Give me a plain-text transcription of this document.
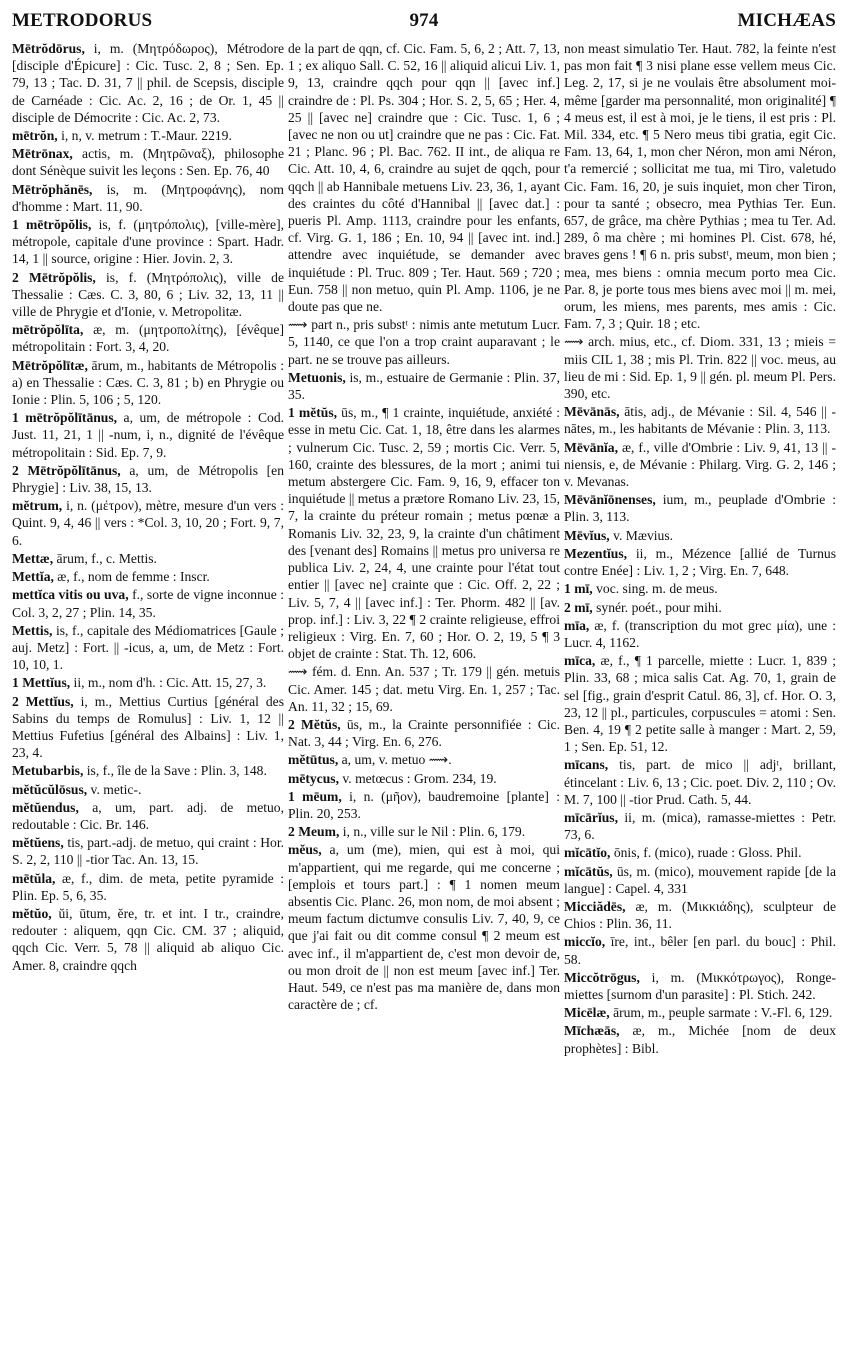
METRODORUS	974	MICHÆAS

Mētrŏdōrus, i, m. (Μητρόδωρος), Métrodore [disciple d'Épicure] : Cic. Tusc. 2, 8 ; Sen. Ep. 79, 13 ; Tac. D. 31, 7 || phil. de Scepsis, disciple de Carnéade : Cic. Ac. 2, 16 ; de Or. 1, 45 || disciple de Démocrite : Cic. Ac. 2, 73.

mētrŏn, i, n, v. metrum : T.-Maur. 2219.

Mētrōnax, actis, m. (Μητρῶναξ), philosophe dont Sénèque suivit les leçons : Sen. Ep. 76, 40

Mētrŏphănēs, is, m. (Μητροφάνης), nom d'homme : Mart. 11, 90.

1 mētrŏpŏlis, is, f. (μητρόπολις), [ville-mère], métropole, capitale d'une province : Spart. Hadr. 14, 1 || source, origine : Hier. Jovin. 2, 3.

2 Mētrŏpŏlis, is, f. (Μητρόπολις), ville de Thessalie : Cæs. C. 3, 80, 6 ; Liv. 32, 13, 11 || ville de Phrygie et d'Ionie, v. Metropolitæ.

mētrŏpŏlīta, æ, m. (μητροπολίτης), [évêque] métropolitain : Fort. 3, 4, 20.

Mētrŏpŏlītæ, ārum, m., habitants de Métropolis : a) en Thessalie : Cæs. C. 3, 81 ; b) en Phrygie ou Ionie : Plin. 5, 106 ; 5, 120.

1 mētrŏpŏlītānus, a, um, de métropole : Cod. Just. 11, 21, 1 || -num, i, n., dignité de l'évêque métropolitain : Sid. Ep. 7, 9.

2 Mētrŏpŏlītānus, a, um, de Métropolis [en Phrygie] : Liv. 38, 15, 13.

mĕtrum, i, n. (μέτρον), mètre, mesure d'un vers : Quint. 9, 4, 46 || vers : *Col. 3, 10, 20 ; Fort. 9, 7, 6.

Mettæ, ārum, f., c. Mettis.

Mettĭa, æ, f., nom de femme : Inscr.

mettĭca vitis ou uva, f., sorte de vigne inconnue : Col. 3, 2, 27 ; Plin. 14, 35.

Mettis, is, f., capitale des Médiomatrices [Gaule ; auj. Metz] : Fort. || -icus, a, um, de Metz : Fort. 10, 10, 1.

1 Mettĭus, ii, m., nom d'h. : Cic. Att. 15, 27, 3.

2 Mettĭus, i, m., Mettius Curtius [général des Sabins du temps de Romulus] : Liv. 1, 12 || Mettius Fufetius [général des Albains] : Liv. 1, 23, 4.

Metubarbis, is, f., île de la Save : Plin. 3, 148.

mĕtŭcŭlōsus, v. metic-.

mĕtŭendus, a, um, part. adj. de metuo, redoutable : Cic. Br. 146.

mĕtŭens, tis, part.-adj. de metuo, qui craint : Hor. S. 2, 2, 110 || -tior Tac. An. 13, 15.

mētŭla, æ, f., dim. de meta, petite pyramide : Plin. Ep. 5, 6, 35.

mĕtŭo, ŭi, ūtum, ĕre, tr. et int. I tr., craindre, redouter : aliquem, qqn Cic. CM. 37 ; aliquid, qqch Cic. Verr. 5, 78 || aliquid ab aliquo Cic. Amer. 8, craindre qqch

de la part de qqn, cf. Cic. Fam. 5, 6, 2 ; Att. 7, 13, 1 ; ex aliquo Sall. C. 52, 16 || aliquid alicui Liv. 1, 9, 13, craindre qqch pour qqn || [avec inf.] craindre de : Pl. Ps. 304 ; Hor. S. 2, 5, 65 ; Her. 4, 25 || [avec ne] craindre que : Cic. Tusc. 1, 6 ; [avec ne non ou ut] craindre que ne pas : Cic. Fat. 21 ; Planc. 96 ; Pl. Bac. 762. II int., de aliqua re Cic. Att. 10, 4, 6, craindre au sujet de qqch, pour qqch || ab Hannibale metuens Liv. 23, 36, 1, ayant des craintes du côté d'Hannibal || [avec dat.] : pueris Pl. Amp. 1113, craindre pour les enfants, cf. Virg. G. 1, 186 ; En. 10, 94 || [avec int. ind.] attendre avec inquiétude, se demander avec inquiétude : Pl. Truc. 809 ; Ter. Haut. 569 ; 720 ; Eun. 758 || non metuo, quin Pl. Amp. 1106, je ne doute pas que ne.

⟿ part n., pris substᵗ : nimis ante metutum Lucr. 5, 1140, ce que l'on a trop craint auparavant ; le part. ne se trouve pas ailleurs.

Metuonis, is, m., estuaire de Germanie : Plin. 37, 35.

1 mĕtŭs, ūs, m., ¶ 1 crainte, inquiétude, anxiété : esse in metu Cic. Cat. 1, 18, être dans les alarmes ; vulnerum Cic. Tusc. 2, 59 ; mortis Cic. Verr. 5, 160, crainte des blessures, de la mort ; animi tui metum abstergere Cic. Fam. 9, 16, 9, effacer ton inquiétude || metus a prætore Romano Liv. 23, 15, 7, la crainte du préteur romain ; metus pœnæ a Romanis Liv. 32, 23, 9, la crainte d'un châtiment des [venant des] Romains || metus pro universa re publica Liv. 2, 24, 4, une crainte pour l'état tout entier || [avec ne] crainte que : Cic. Off. 2, 22 ; Liv. 5, 7, 4 || [avec inf.] : Ter. Phorm. 482 || [av. prop. inf.] : Liv. 3, 22 ¶ 2 crainte religieuse, effroi religieux : Virg. En. 7, 60 ; Hor. O. 2, 19, 5 ¶ 3 objet de crainte : Stat. Th. 12, 606.

⟿ fém. d. Enn. An. 537 ; Tr. 179 || gén. metuis Cic. Amer. 145 ; dat. metu Virg. En. 1, 257 ; Tac. An. 11, 32 ; 15, 69.

2 Mĕtŭs, ūs, m., la Crainte personnifiée : Cic. Nat. 3, 44 ; Virg. En. 6, 276.

mĕtūtus, a, um, v. metuo ⟿.

mētycus, v. metœcus : Grom. 234, 19.

1 mēum, i, n. (μῆον), baudremoine [plante] : Plin. 20, 253.

2 Meum, i, n., ville sur le Nil : Plin. 6, 179.

mĕus, a, um (me), mien, qui est à moi, qui m'appartient, qui me regarde, qui me concerne ; [emplois et tours part.] : ¶ 1 nomen meum absentis Cic. Planc. 26, mon nom, de moi absent ; meum factum dictumve consulis Liv. 7, 40, 9, ce que j'ai fait ou dit comme consul ¶ 2 meum est avec inf., il m'appartient de, c'est mon devoir de, ou mon droit de || non est meum [avec inf.] Ter. Haut. 549, ce n'est pas ma manière de, dans mon caractère de ; cf.

non meast simulatio Ter. Haut. 782, la feinte n'est pas mon fait ¶ 3 nisi plane esse vellem meus Cic. Leg. 2, 17, si je ne voulais être absolument moi-même [garder ma personnalité, mon originalité] ¶ 4 meus est, il est à moi, je le tiens, il est pris : Pl. Mil. 334, etc. ¶ 5 Nero meus tibi gratia, egit Cic. Fam. 13, 64, 1, mon cher Néron, mon ami Néron, t'a remercié ; sollicitat me tua, mi Tiro, valetudo Cic. Fam. 16, 20, je suis inquiet, mon cher Tiron, pour ta santé ; obsecro, mea Pythias Ter. Eun. 657, de grâce, ma chère Pythias ; mea tu Ter. Ad. 289, ô ma chère ; mi homines Pl. Cist. 678, hé, braves gens ! ¶ 6 n. pris substᵗ, meum, mon bien ; mea, mes biens : omnia mecum porto mea Cic. Par. 8, je porte tous mes biens avec moi || m. mei, orum, les miens, mes parents, mes amis : Cic. Fam. 7, 3 ; Quir. 18 ; etc.

⟿ arch. mius, etc., cf. Diom. 331, 13 ; mieis = miis CIL 1, 38 ; mis Pl. Trin. 822 || voc. meus, au lieu de mi : Sid. Ep. 1, 9 || gén. pl. meum Pl. Pers. 390, etc.

Mēvānās, ātis, adj., de Mévanie : Sil. 4, 546 || -nātes, m., les habitants de Mévanie : Plin. 3, 113.

Mēvānĭa, æ, f., ville d'Ombrie : Liv. 9, 41, 13 || -niensis, e, de Mévanie : Philarg. Virg. G. 2, 146 ; v. Mevanas.

Mēvānĭōnenses, ium, m., peuplade d'Ombrie : Plin. 3, 113.

Mēvĭus, v. Mævius.

Mezentĭus, ii, m., Mézence [allié de Turnus contre Enée] : Liv. 1, 2 ; Virg. En. 7, 648.

1 mī, voc. sing. m. de meus.

2 mī, synér. poét., pour mihi.

mīa, æ, f. (transcription du mot grec μία), une : Lucr. 4, 1162.

mīca, æ, f., ¶ 1 parcelle, miette : Lucr. 1, 839 ; Plin. 33, 68 ; mica salis Cat. Ag. 70, 1, grain de sel [fig., grain d'esprit Catul. 86, 3], cf. Hor. O. 3, 23, 12 || pl., particules, corpuscules = atomi : Sen. Ben. 4, 19 ¶ 2 petite salle à manger : Mart. 2, 59, 1 ; Sen. Ep. 51, 12.

mīcans, tis, part. de mico || adjᵗ, brillant, étincelant : Liv. 6, 13 ; Cic. poet. Div. 2, 110 ; Ov. M. 7, 100 || -tior Prud. Cath. 5, 44.

mīcārĭus, ii, m. (mica), ramasse-miettes : Petr. 73, 6.

mĭcātĭo, ōnis, f. (mico), ruade : Gloss. Phil.

mĭcātŭs, ūs, m. (mico), mouvement rapide [de la langue] : Capel. 4, 331

Micciădēs, æ, m. (Μικκιάδης), sculpteur de Chios : Plin. 36, 11.

miccĭo, īre, int., bêler [en parl. du bouc] : Phil. 58.

Miccŏtrōgus, i, m. (Μικκότρωγος), Ronge-miettes [surnom d'un parasite] : Pl. Stich. 242.

Micēlæ, ārum, m., peuple sarmate : V.-Fl. 6, 129.

Mīchæās, æ, m., Michée [nom de deux prophètes] : Bibl.
